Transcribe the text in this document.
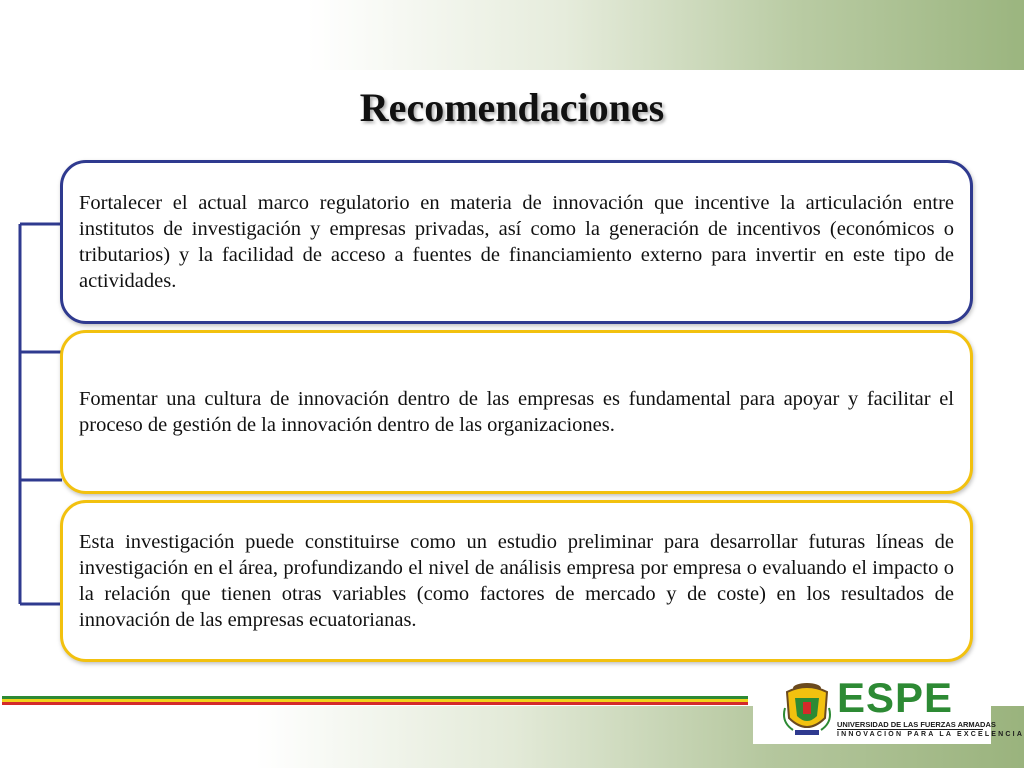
Recomendaciones

Fortalecer el actual marco regulatorio en materia de innovación que incentive la articulación entre institutos de investigación y empresas privadas, así como la generación de incentivos (económicos o tributarios) y la facilidad de acceso a fuentes de financiamiento externo para invertir en este tipo de actividades.

Fomentar una cultura de innovación dentro de las empresas es fundamental para apoyar y facilitar el proceso de gestión de la innovación dentro de las organizaciones.

Esta investigación puede constituirse como un estudio preliminar para desarrollar futuras líneas de investigación en el área, profundizando el nivel de análisis empresa por empresa o evaluando el impacto o la relación que tienen otras variables (como factores de mercado y de coste) en los resultados de innovación de las empresas ecuatorianas.

ESPE
UNIVERSIDAD DE LAS FUERZAS ARMADAS
INNOVACIÓN PARA LA EXCELENCIA
